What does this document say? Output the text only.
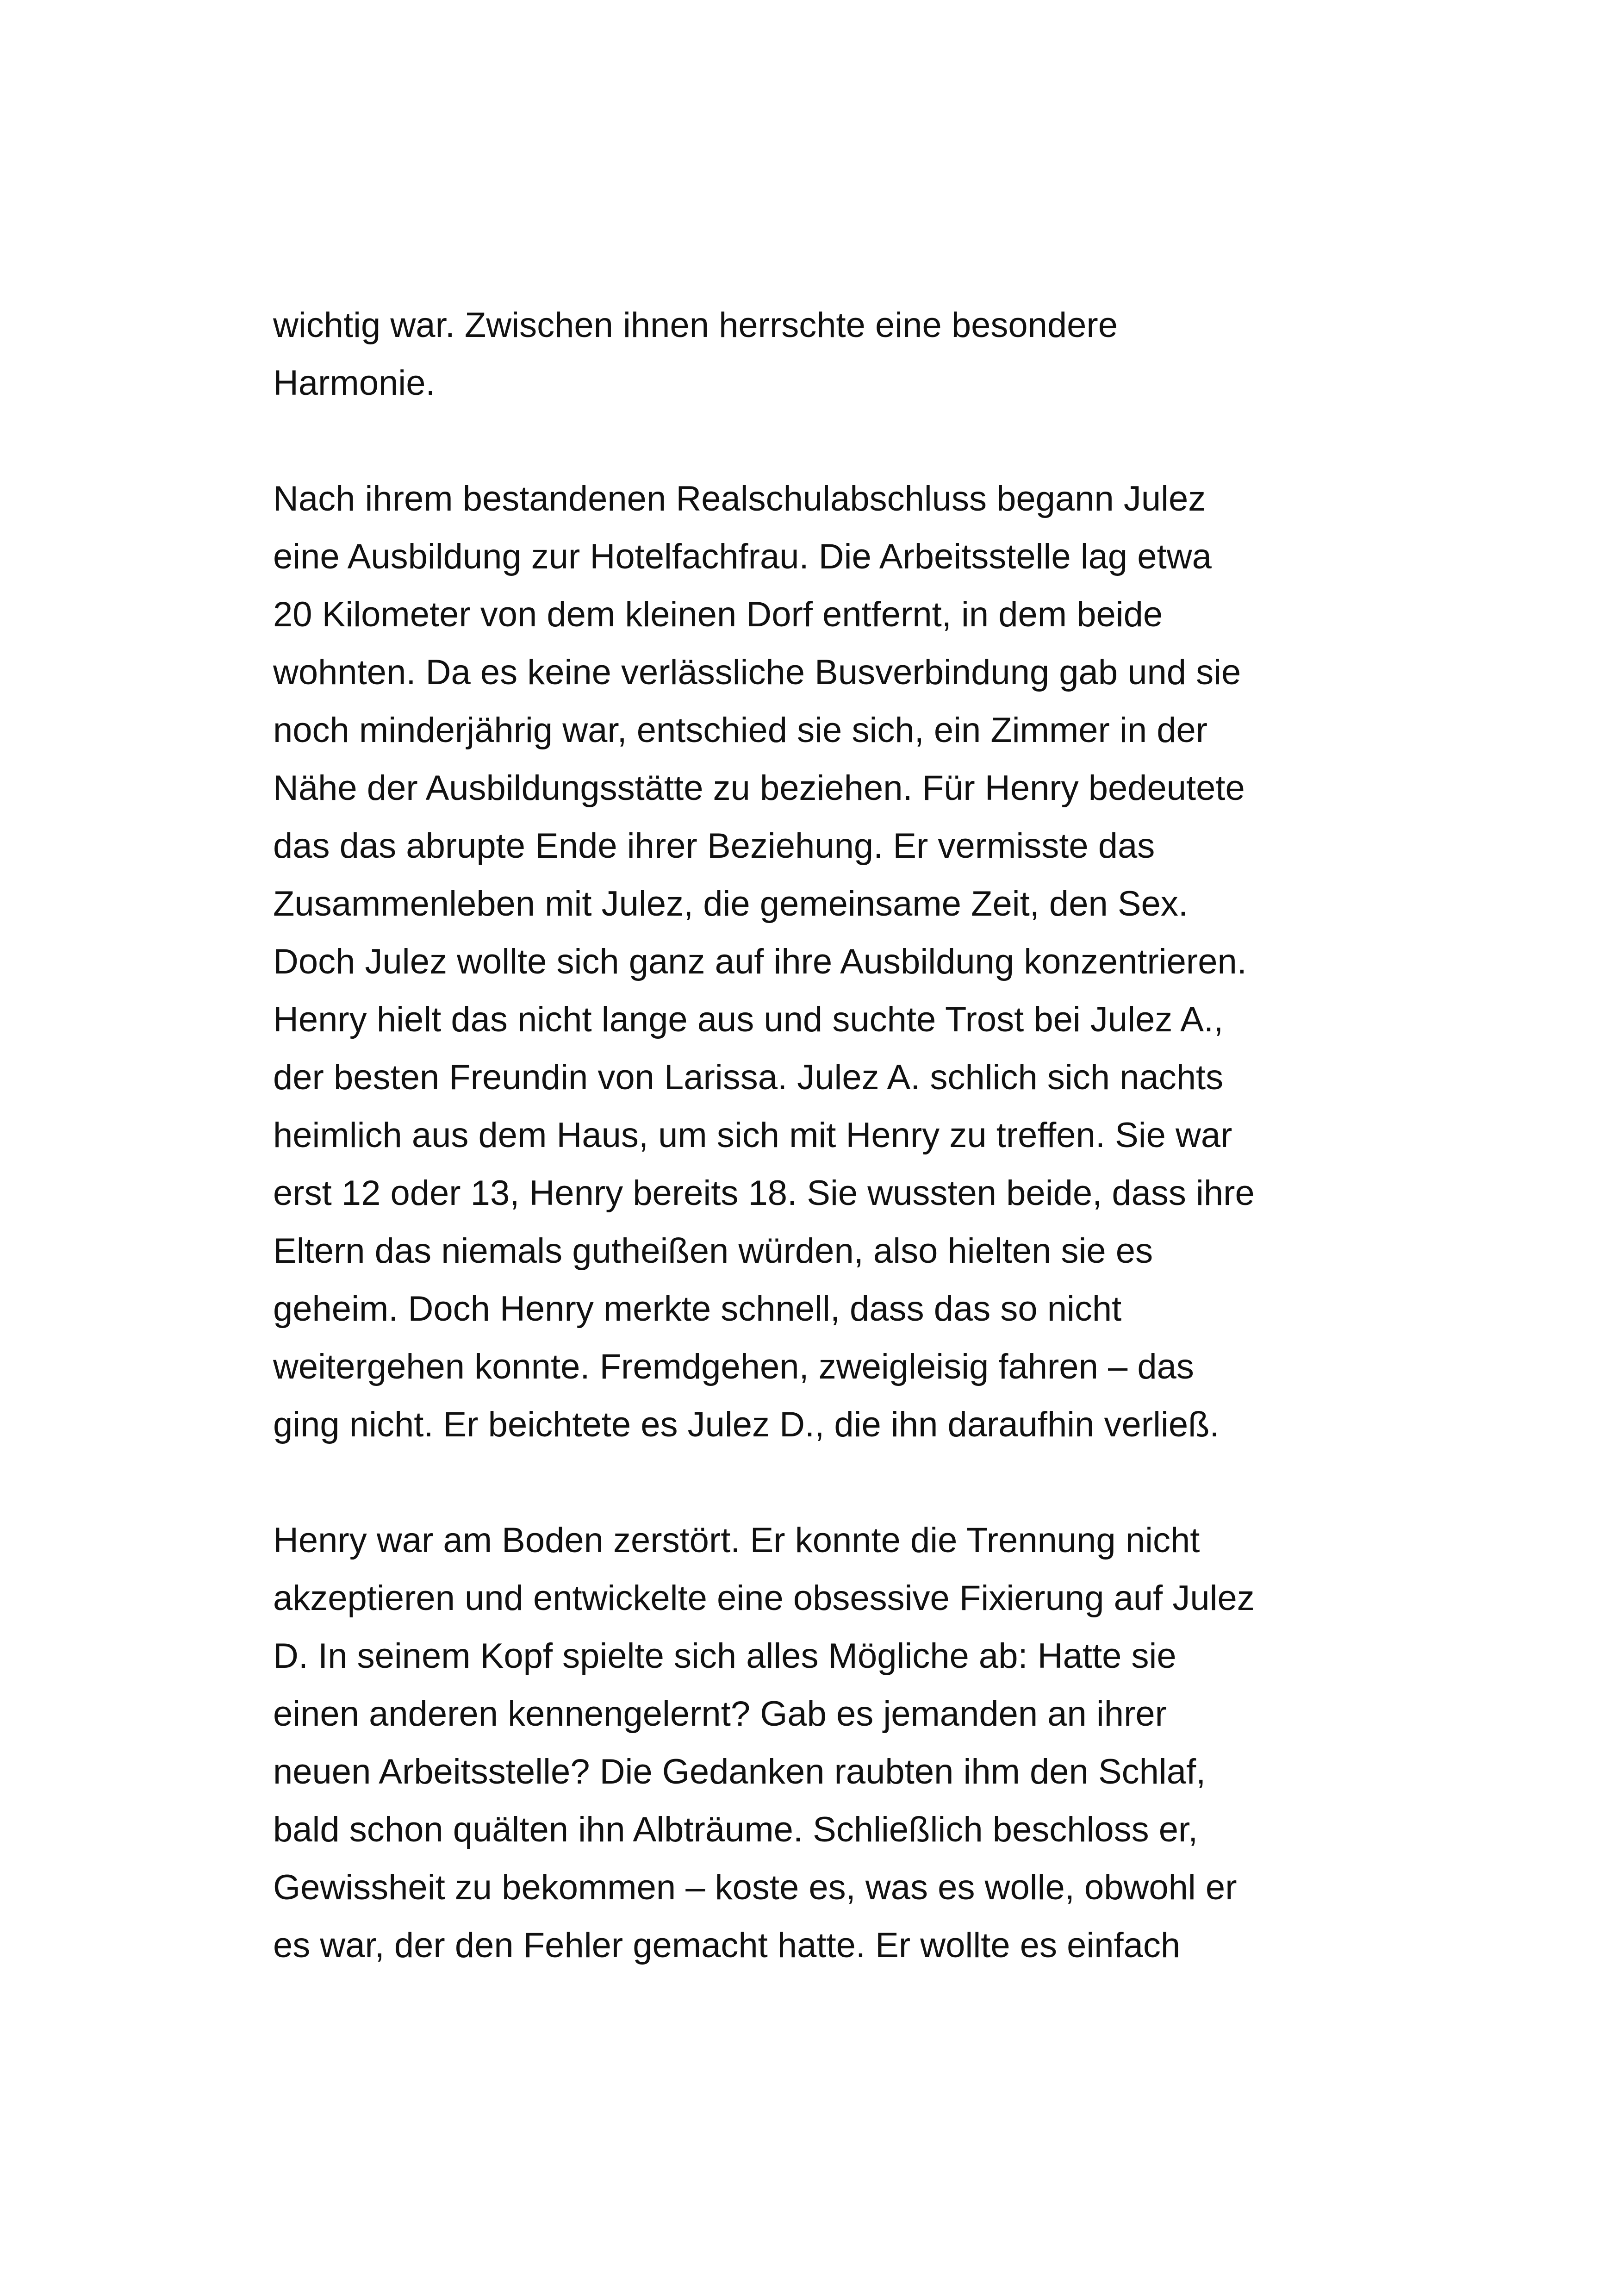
wichtig war. Zwischen ihnen herrschte eine besondere
Harmonie.

Nach ihrem bestandenen Realschulabschluss begann Julez
eine Ausbildung zur Hotelfachfrau. Die Arbeitsstelle lag etwa
20 Kilometer von dem kleinen Dorf entfernt, in dem beide
wohnten. Da es keine verlässliche Busverbindung gab und sie
noch minderjährig war, entschied sie sich, ein Zimmer in der
Nähe der Ausbildungsstätte zu beziehen. Für Henry bedeutete
das das abrupte Ende ihrer Beziehung. Er vermisste das
Zusammenleben mit Julez, die gemeinsame Zeit, den Sex.
Doch Julez wollte sich ganz auf ihre Ausbildung konzentrieren.
Henry hielt das nicht lange aus und suchte Trost bei Julez A.,
der besten Freundin von Larissa. Julez A. schlich sich nachts
heimlich aus dem Haus, um sich mit Henry zu treffen. Sie war
erst 12 oder 13, Henry bereits 18. Sie wussten beide, dass ihre
Eltern das niemals gutheißen würden, also hielten sie es
geheim. Doch Henry merkte schnell, dass das so nicht
weitergehen konnte. Fremdgehen, zweigleisig fahren – das
ging nicht. Er beichtete es Julez D., die ihn daraufhin verließ.

Henry war am Boden zerstört. Er konnte die Trennung nicht
akzeptieren und entwickelte eine obsessive Fixierung auf Julez
D. In seinem Kopf spielte sich alles Mögliche ab: Hatte sie
einen anderen kennengelernt? Gab es jemanden an ihrer
neuen Arbeitsstelle? Die Gedanken raubten ihm den Schlaf,
bald schon quälten ihn Albträume. Schließlich beschloss er,
Gewissheit zu bekommen – koste es, was es wolle, obwohl er
es war, der den Fehler gemacht hatte. Er wollte es einfach
